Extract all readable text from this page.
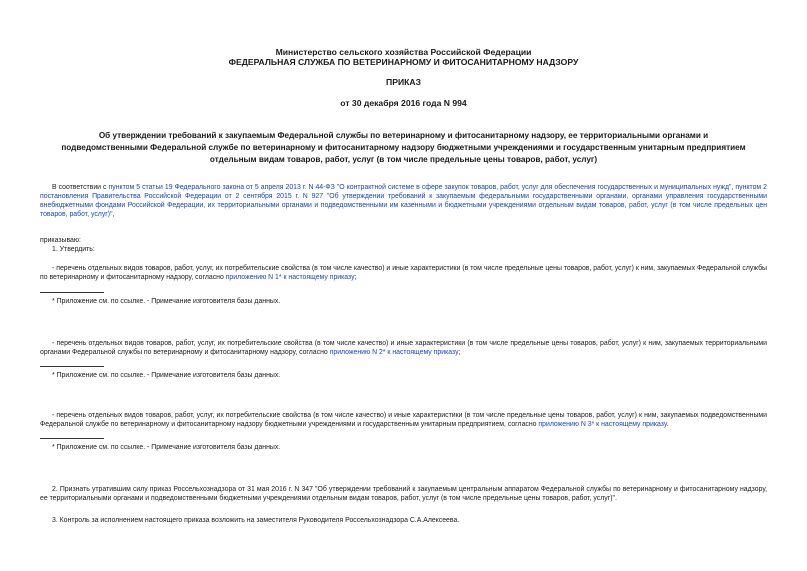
Министерство сельского хозяйства Российской Федерации
ФЕДЕРАЛЬНАЯ СЛУЖБА ПО ВЕТЕРИНАРНОМУ И ФИТОСАНИТАРНОМУ НАДЗОРУ
ПРИКАЗ
от 30 декабря 2016 года N 994
Об утверждении требований к закупаемым Федеральной службы по ветеринарному и фитосанитарному надзору, ее территориальными органами и подведомственными Федеральной службе по ветеринарному и фитосанитарному надзору бюджетными учреждениями и государственным унитарным предприятием отдельным видам товаров, работ, услуг (в том числе предельные цены товаров, работ, услуг)
В соответствии с пунктом 5 статьи 19 Федерального закона от 5 апреля 2013 г. N 44-ФЗ "О контрактной системе в сфере закупок товаров, работ, услуг для обеспечения государственных и муниципальных нужд", пунктом 2 постановления Правительства Российской Федерации от 2 сентября 2015 г. N 927 "Об утверждении требований к закупаемым федеральными государственными органами, органами управления государственными внебюджетными фондами Российской Федерации, их территориальными органами и подведомственными им казенными и бюджетными учреждениями отдельным видам товаров, работ, услуг (в том числе предельных цен товаров, работ, услуг)",
приказываю:
1. Утвердить:
- перечень отдельных видов товаров, работ, услуг, их потребительские свойства (в том числе качество) и иные характеристики (в том числе предельные цены товаров, работ, услуг) к ним, закупаемых Федеральной службы по ветеринарному и фитосанитарному надзору, согласно приложению N 1* к настоящему приказу;
* Приложение см. по ссылке. - Примечание изготовителя базы данных.
- перечень отдельных видов товаров, работ, услуг, их потребительские свойства (в том числе качество) и иные характеристики (в том числе предельные цены товаров, работ, услуг) к ним, закупаемых территориальными органами Федеральной службы по ветеринарному и фитосанитарному надзору, согласно приложению N 2* к настоящему приказу;
* Приложение см. по ссылке. - Примечание изготовителя базы данных.
- перечень отдельных видов товаров, работ, услуг, их потребительские свойства (в том числе качество) и иные характеристики (в том числе предельные цены товаров, работ, услуг) к ним, закупаемых подведомственными Федеральной службе по ветеринарному и фитосанитарному надзору бюджетными учреждениями и государственным унитарным предприятием, согласно приложению N 3* к настоящему приказу.
* Приложение см. по ссылке. - Примечание изготовителя базы данных.
2. Признать утратившим силу приказ Россельхознадзора от 31 мая 2016 г. N 347 "Об утверждении требований к закупаемым центральным аппаратом Федеральной службы по ветеринарному и фитосанитарному надзору, ее территориальными органами и подведомственными бюджетными учреждениями отдельным видам товаров, работ, услуг (в том числе предельные цены товаров, работ, услуг)".
3. Контроль за исполнением настоящего приказа возложить на заместителя Руководителя Россельхознадзора С.А.Алексеева.
